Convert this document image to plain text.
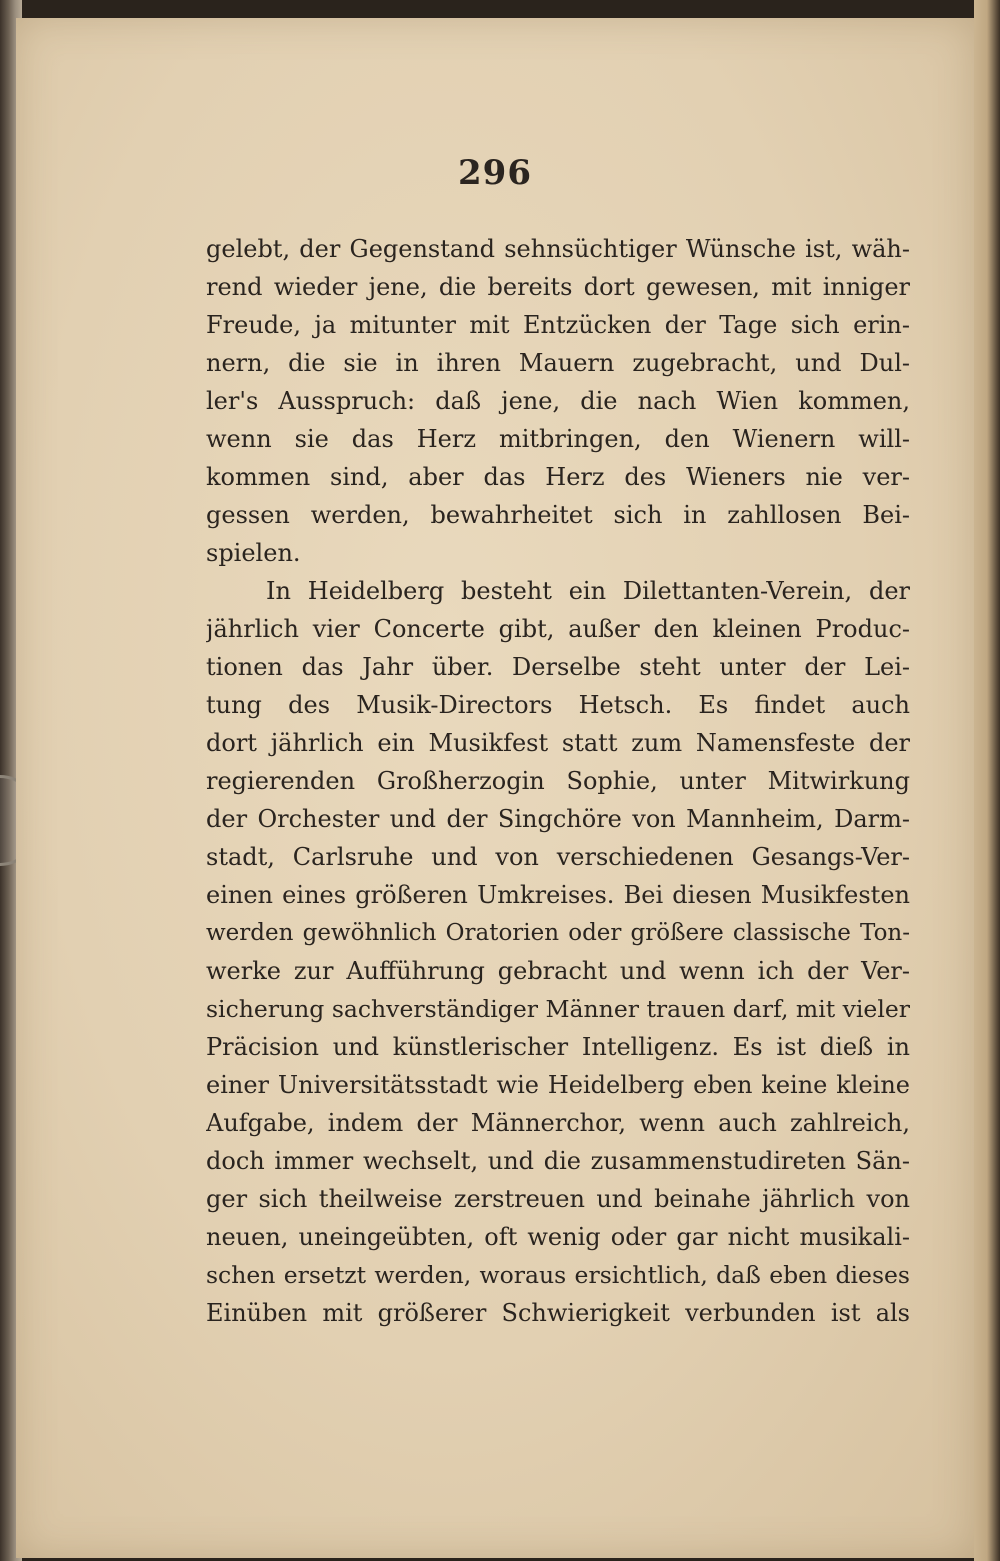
296
gelebt, der Gegenstand sehnsüchtiger Wünsche ist, wäh-
rend wieder jene, die bereits dort gewesen, mit inniger
Freude, ja mitunter mit Entzücken der Tage sich erin-
nern, die sie in ihren Mauern zugebracht, und Dul-
ler's Ausspruch: daß jene, die nach Wien kommen,
wenn sie das Herz mitbringen, den Wienern will-
kommen sind, aber das Herz des Wieners nie ver-
gessen werden, bewahrheitet sich in zahllosen Bei-
spielen.
In Heidelberg besteht ein Dilettanten-Verein, der
jährlich vier Concerte gibt, außer den kleinen Produc-
tionen das Jahr über. Derselbe steht unter der Lei-
tung des Musik-Directors Hetsch. Es findet auch
dort jährlich ein Musikfest statt zum Namensfeste der
regierenden Großherzogin Sophie, unter Mitwirkung
der Orchester und der Singchöre von Mannheim, Darm-
stadt, Carlsruhe und von verschiedenen Gesangs-Ver-
einen eines größeren Umkreises. Bei diesen Musikfesten
werden gewöhnlich Oratorien oder größere classische Ton-
werke zur Aufführung gebracht und wenn ich der Ver-
sicherung sachverständiger Männer trauen darf, mit vieler
Präcision und künstlerischer Intelligenz. Es ist dieß in
einer Universitätsstadt wie Heidelberg eben keine kleine
Aufgabe, indem der Männerchor, wenn auch zahlreich,
doch immer wechselt, und die zusammenstudireten Sän-
ger sich theilweise zerstreuen und beinahe jährlich von
neuen, uneingeübten, oft wenig oder gar nicht musikali-
schen ersetzt werden, woraus ersichtlich, daß eben dieses
Einüben mit größerer Schwierigkeit verbunden ist als
